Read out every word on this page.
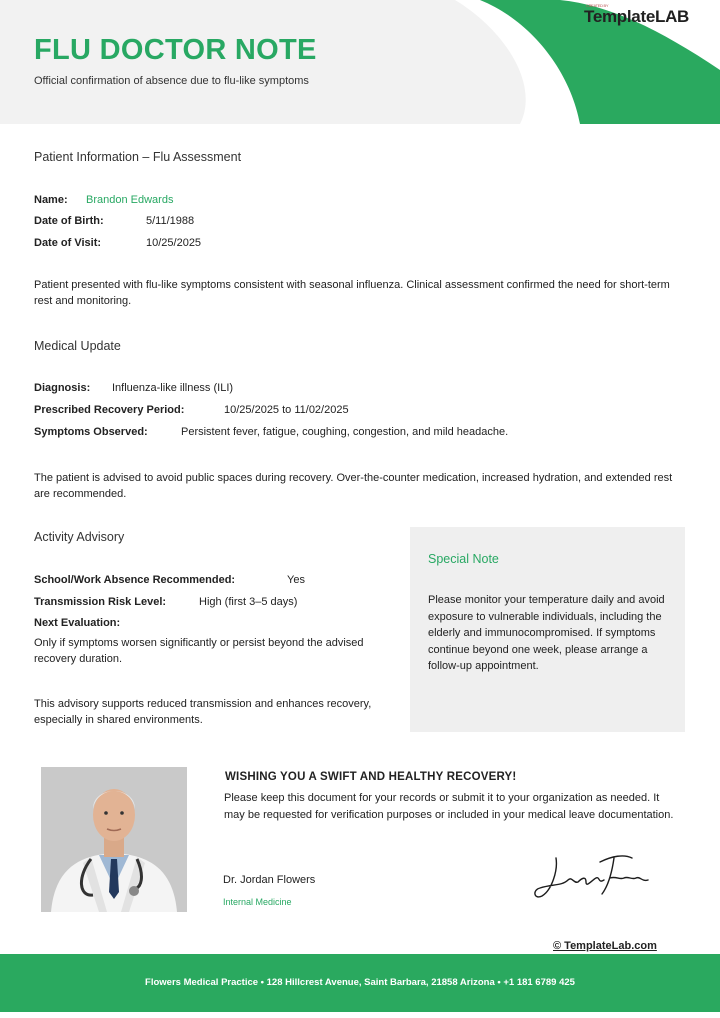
FLU DOCTOR NOTE
Official confirmation of absence due to flu-like symptoms
CREATED BY
TemplateLAB
Patient Information – Flu Assessment
Name: Brandon Edwards
Date of Birth:	5/11/1988
Date of Visit:	10/25/2025
Patient presented with flu-like symptoms consistent with seasonal influenza. Clinical assessment confirmed the need for short-term rest and monitoring.
Medical Update
Diagnosis: Influenza-like illness (ILI)
Prescribed Recovery Period:	10/25/2025 to 11/02/2025
Symptoms Observed:	Persistent fever, fatigue, coughing, congestion, and mild headache.
The patient is advised to avoid public spaces during recovery. Over-the-counter medication, increased hydration, and extended rest are recommended.
Activity Advisory
School/Work Absence Recommended:	Yes
Transmission Risk Level:	High (first 3–5 days)
Next Evaluation:
Only if symptoms worsen significantly or persist beyond the advised recovery duration.
This advisory supports reduced transmission and enhances recovery, especially in shared environments.
Special Note
Please monitor your temperature daily and avoid exposure to vulnerable individuals, including the elderly and immunocompromised. If symptoms continue beyond one week, please arrange a follow-up appointment.
WISHING YOU A SWIFT AND HEALTHY RECOVERY!
Please keep this document for your records or submit it to your organization as needed. It may be requested for verification purposes or included in your medical leave documentation.
Dr. Jordan Flowers
Internal Medicine
© TemplateLab.com
Flowers Medical Practice • 128 Hillcrest Avenue, Saint Barbara, 21858 Arizona • +1 181 6789 425
